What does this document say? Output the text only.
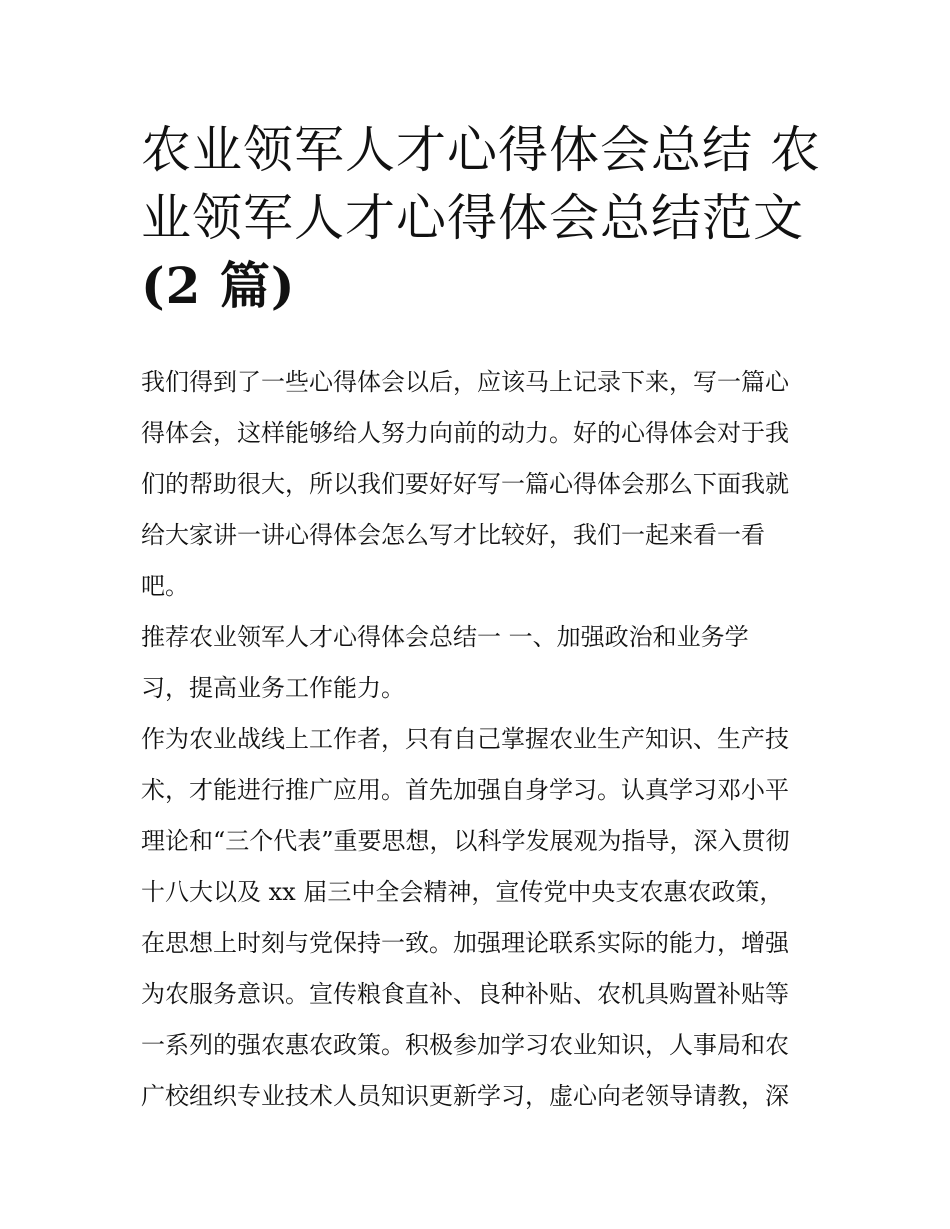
农业领军人才心得体会总结 农
业领军人才心得体会总结范文
(2 篇)

我们得到了一些心得体会以后，应该马上记录下来，写一篇心
得体会，这样能够给人努力向前的动力。好的心得体会对于我
们的帮助很大，所以我们要好好写一篇心得体会那么下面我就
给大家讲一讲心得体会怎么写才比较好，我们一起来看一看
吧。

推荐农业领军人才心得体会总结一 一、加强政治和业务学
习，提高业务工作能力。

作为农业战线上工作者，只有自己掌握农业生产知识、生产技
术，才能进行推广应用。首先加强自身学习。认真学习邓小平
理论和“三个代表”重要思想，以科学发展观为指导，深入贯彻
十八大以及 xx 届三中全会精神，宣传党中央支农惠农政策，
在思想上时刻与党保持一致。加强理论联系实际的能力，增强
为农服务意识。宣传粮食直补、良种补贴、农机具购置补贴等
一系列的强农惠农政策。积极参加学习农业知识，人事局和农
广校组织专业技术人员知识更新学习，虚心向老领导请教，深
